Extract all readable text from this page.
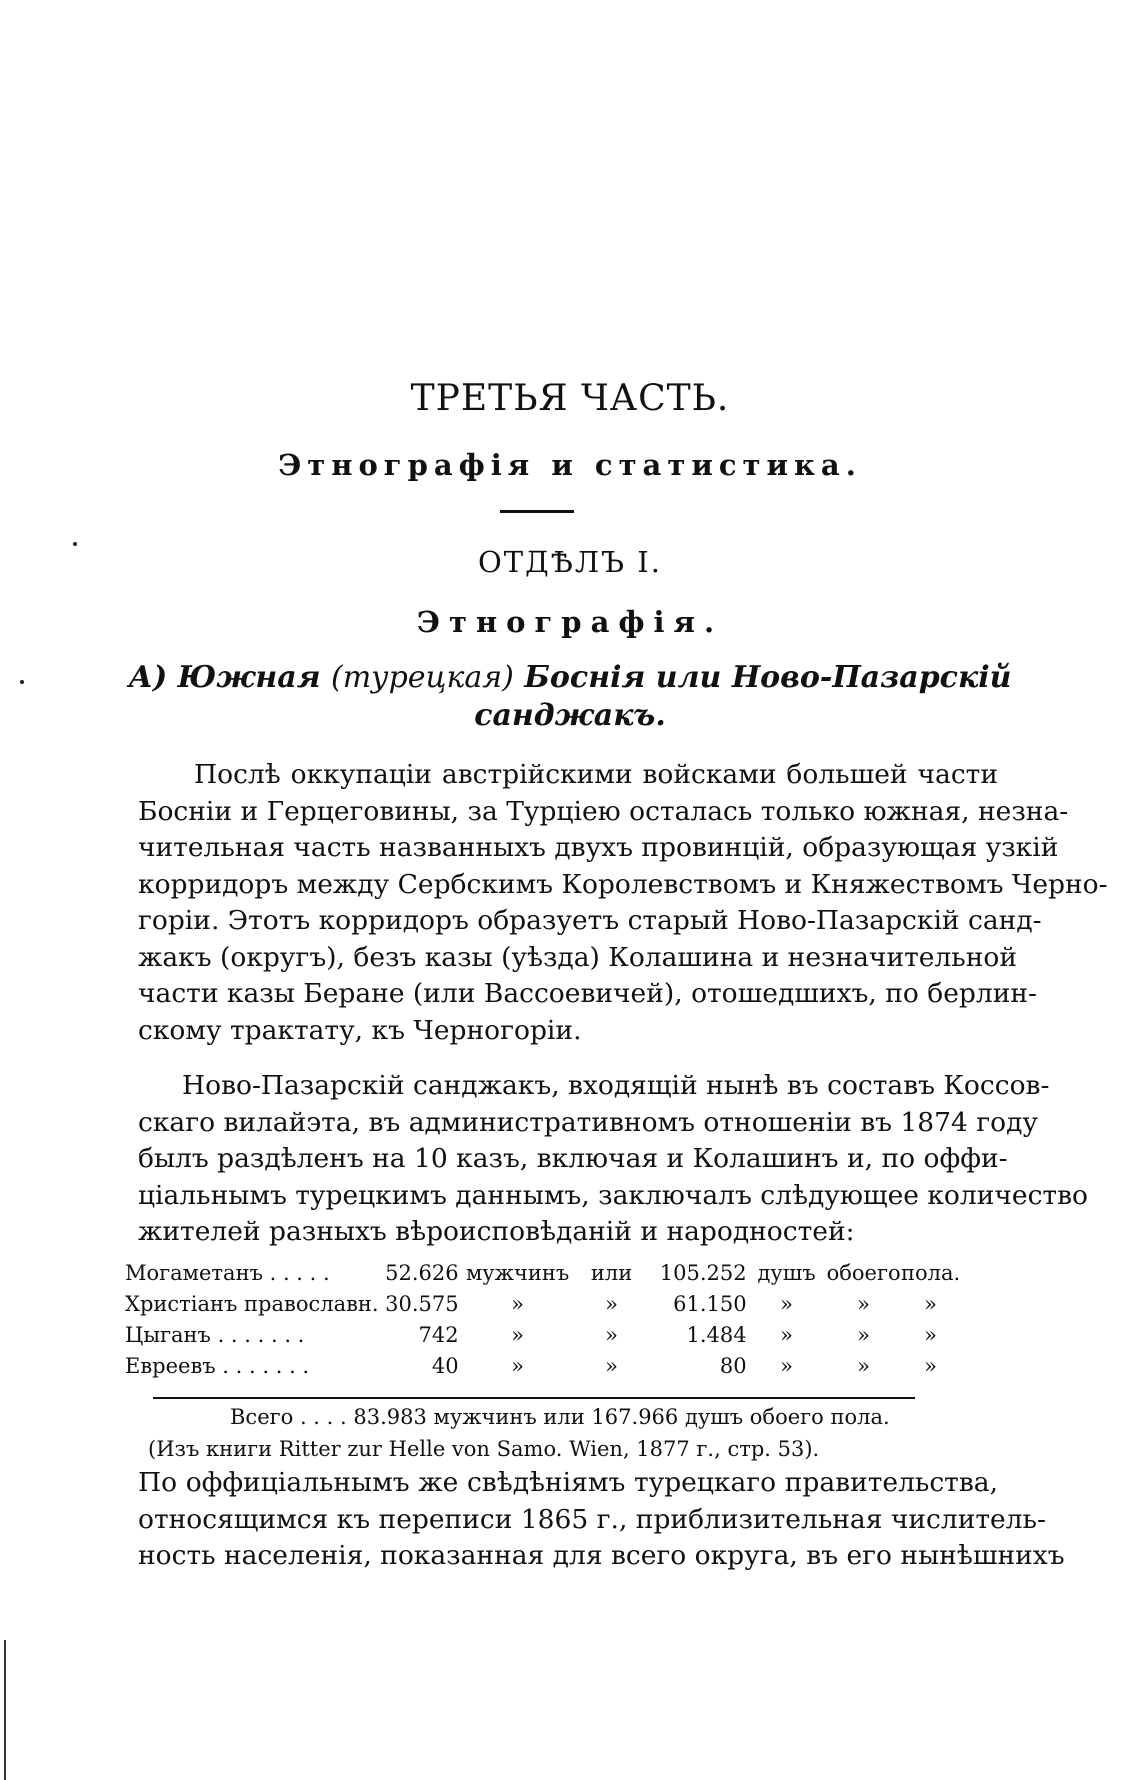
ТРЕТЬЯ ЧАСТЬ.
Этнографія и статистика.
ОТДѢЛЪ I.
Этнографія.
А) Южная (турецкая) Боснія или Ново-Пазарскій
санджакъ.
Послѣ оккупаціи австрійскими войсками большей части
Босніи и Герцеговины, за Турціею осталась только южная, незна-
чительная часть названныхъ двухъ провинцій, образующая узкій
корридоръ между Сербскимъ Королевствомъ и Княжествомъ Черно-
горіи. Этотъ корридоръ образуетъ старый Ново-Пазарскій санд-
жакъ (округъ), безъ казы (уѣзда) Колашина и незначительной
части казы Беране (или Вассоевичей), отошедшихъ, по берлин-
скому трактату, къ Черногоріи.
Ново-Пазарскій санджакъ, входящій нынѣ въ составъ Коссов-
скаго вилайэта, въ административномъ отношеніи въ 1874 году
былъ раздѣленъ на 10 казъ, включая и Колашинъ и, по оффи-
ціальнымъ турецкимъ даннымъ, заключалъ слѣдующее количество
жителей разныхъ вѣроисповѣданій и народностей:
Могаметанъ . . . . .	52.626	мужчинъ	или	105.252	душъ	обоего	пола.
Христіанъ православн.	30.575	»	»	61.150	»	»	»
Цыганъ . . . . . . .	742	»	»	1.484	»	»	»
Евреевъ . . . . . . .	40	»	»	80	»	»	»
Всего . . . . 83.983 мужчинъ или 167.966 душъ обоего пола.
(Изъ книги Ritter zur Helle von Samo. Wien, 1877 г., стр. 53).
По оффиціальнымъ же свѣдѣніямъ турецкаго правительства,
относящимся къ переписи 1865 г., приблизительная числитель-
ность населенія, показанная для всего округа, въ его нынѣшнихъ
